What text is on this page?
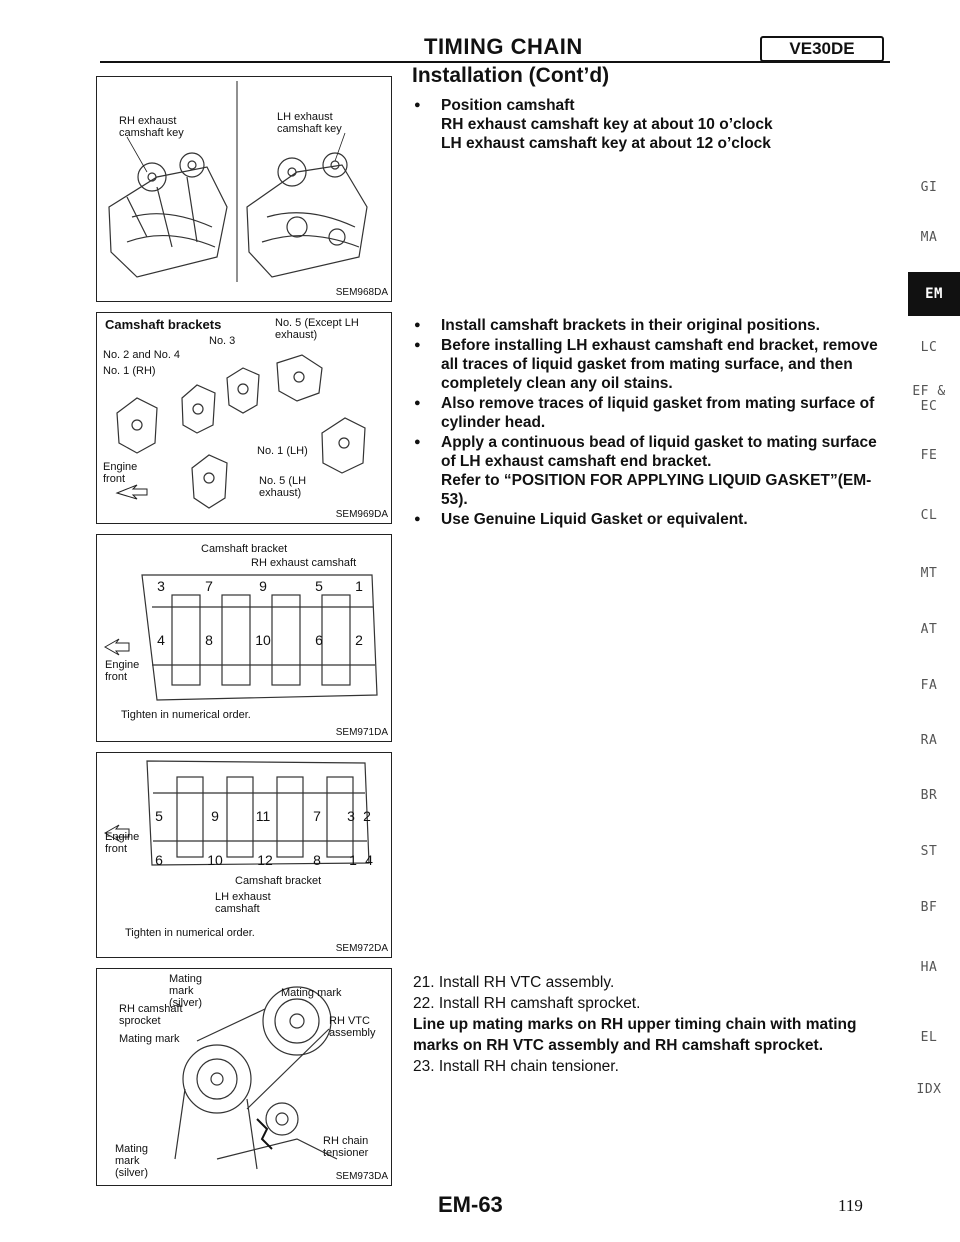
TIMING CHAIN	VE30DE
Installation (Cont’d)
RH exhaust camshaft key
LH exhaust camshaft key
SEM968DA
Camshaft brackets
No. 3
No. 2 and No. 4
No. 1 (RH)
No. 5 (Except LH exhaust)
No. 1 (LH)
No. 5 (LH exhaust)
Engine front
SEM969DA
3	7	9	5 1
4	8	10	6 2
Camshaft bracket
RH exhaust camshaft
Engine front
Tighten in numerical order.
SEM971DA
5	9	11	7 3 2
6	10 12	8 1 4
Camshaft bracket
LH exhaust camshaft
Engine front
Tighten in numerical order.
SEM972DA
Mating mark (silver)
Mating mark
RH camshaft sprocket	RH VTC assembly
Mating mark
Mating mark (silver)
RH chain tensioner
SEM973DA
● Position camshaft
RH exhaust camshaft key at about 10 o’clock
LH exhaust camshaft key at about 12 o’clock
● Install camshaft brackets in their original positions.
● Before installing LH exhaust camshaft end bracket, remove
all traces of liquid gasket from mating surface, and then
completely clean any oil stains.
● Also remove traces of liquid gasket from mating surface of
cylinder head.
● Apply a continuous bead of liquid gasket to mating surface
of LH exhaust camshaft end bracket.
Refer to “POSITION FOR APPLYING LIQUID GASKET”(EM-
53).
● Use Genuine Liquid Gasket or equivalent.
21. Install RH VTC assembly.
22. Install RH camshaft sprocket.
Line up mating marks on RH upper timing chain with mating
marks on RH VTC assembly and RH camshaft sprocket.
23. Install RH chain tensioner.
GI
MA
EM
LC
EF &
EC
FE
CL
MT
AT
FA
RA
BR
ST
BF
HA
EL
IDX
EM-63	119
